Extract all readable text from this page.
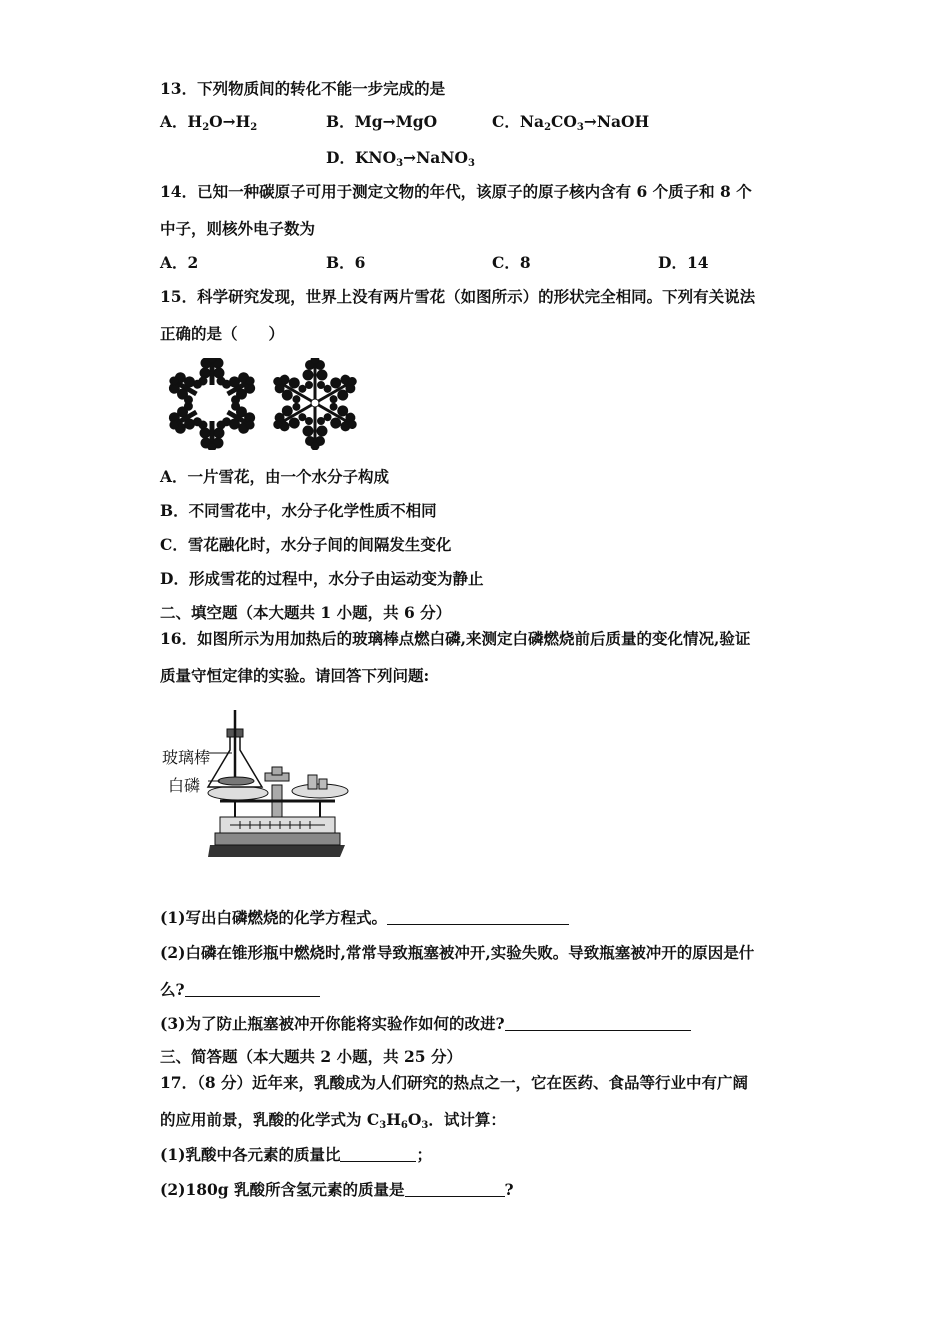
13．下列物质间的转化不能一步完成的是
A．$H_2O\to H_2$	B．Mg→MgO	C．$Na_2CO_3\to NaOH$
D．$KNO_3\to NaNO_3$
14．已知一种碳原子可用于测定文物的年代，该原子的原子核内含有 6 个质子和 8 个
中子，则核外电子数为
A．2	B．6	C．8	D．14
15．科学研究发现，世界上没有两片雪花（如图所示）的形状完全相同。下列有关说法
正确的是（　　）
A．一片雪花，由一个水分子构成
B．不同雪花中，水分子化学性质不相同
C．雪花融化时，水分子间的间隔发生变化
D．形成雪花的过程中，水分子由运动变为静止
二、填空题（本大题共 1 小题，共 6 分）
16．如图所示为用加热后的玻璃棒点燃白磷,来测定白磷燃烧前后质量的变化情况,验证
质量守恒定律的实验。请回答下列问题:
玻璃棒
白磷
(1)写出白磷燃烧的化学方程式。
(2)白磷在锥形瓶中燃烧时,常常导致瓶塞被冲开,实验失败。导致瓶塞被冲开的原因是什
么?
(3)为了防止瓶塞被冲开你能将实验作如何的改进?
三、简答题（本大题共 2 小题，共 25 分）
17．（8 分）近年来，乳酸成为人们研究的热点之一，它在医药、食品等行业中有广阔
的应用前景，乳酸的化学式为 $C_3H_6O_3$．试计算：
(1)乳酸中各元素的质量比	；
(2)180g 乳酸所含氢元素的质量是	?
